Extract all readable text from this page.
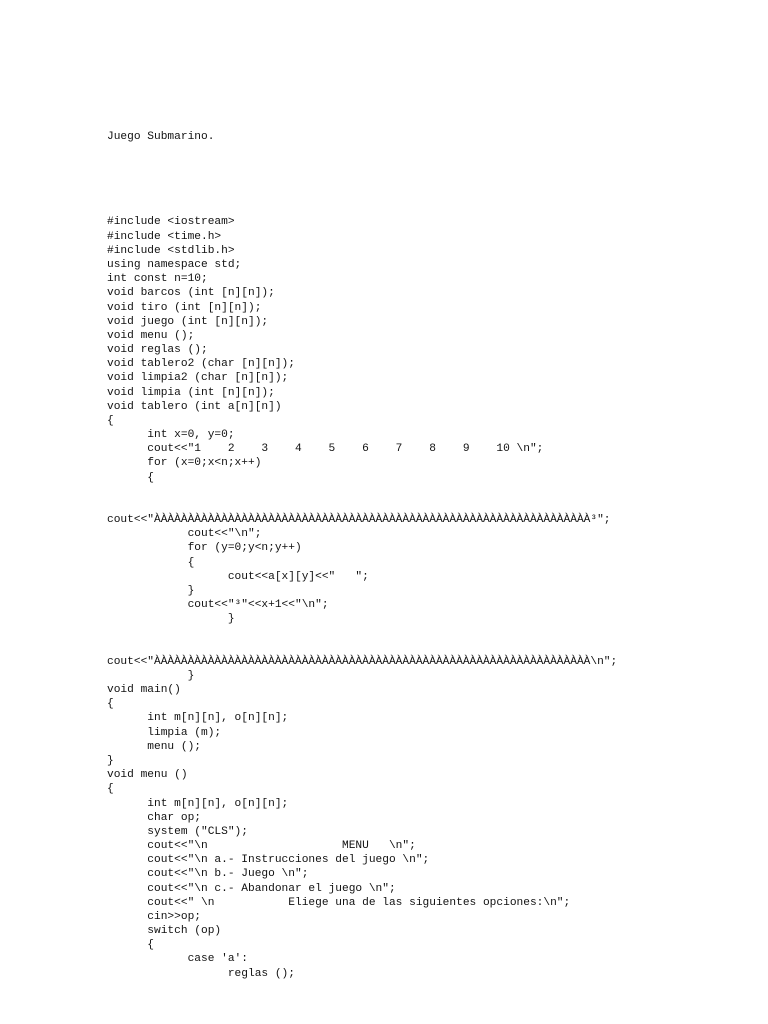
Juego Submarino.

#include <iostream>
#include <time.h>
#include <stdlib.h>
using namespace std;
int const n=10;
void barcos (int [n][n]);
void tiro (int [n][n]);
void juego (int [n][n]);
void menu ();
void reglas ();
void tablero2 (char [n][n]);
void limpia2 (char [n][n]);
void limpia (int [n][n]);
void tablero (int a[n][n])
{
int x=0, y=0;
cout<<"1    2    3    4    5    6    7    8    9    10 \n";
for (x=0;x<n;x++)
{
cout<<"ÀÀÀÀÀÀÀÀÀÀÀÀÀÀÀÀÀÀÀÀÀÀÀÀÀÀÀÀÀÀÀÀÀÀÀÀÀÀÀÀÀÀÀÀÀÀÀÀÀÀÀÀÀÀÀÀÀÀÀÀÀÀÀÀÀ³";
cout<<"\n";
for (y=0;y<n;y++)
{
cout<<a[x][y]<<"   ";
}
cout<<"³"<<x+1<<"\n";
}
cout<<"ÀÀÀÀÀÀÀÀÀÀÀÀÀÀÀÀÀÀÀÀÀÀÀÀÀÀÀÀÀÀÀÀÀÀÀÀÀÀÀÀÀÀÀÀÀÀÀÀÀÀÀÀÀÀÀÀÀÀÀÀÀÀÀÀÀ\n";
}
void main()
{
int m[n][n], o[n][n];
limpia (m);
menu ();
}
void menu ()
{
int m[n][n], o[n][n];
char op;
system ("CLS");
cout<<"\n                    MENU   \n";
cout<<"\n a.- Instrucciones del juego \n";
cout<<"\n b.- Juego \n";
cout<<"\n c.- Abandonar el juego \n";
cout<<" \n           Eliege una de las siguientes opciones:\n";
cin>>op;
switch (op)
{
case 'a':
reglas ();
